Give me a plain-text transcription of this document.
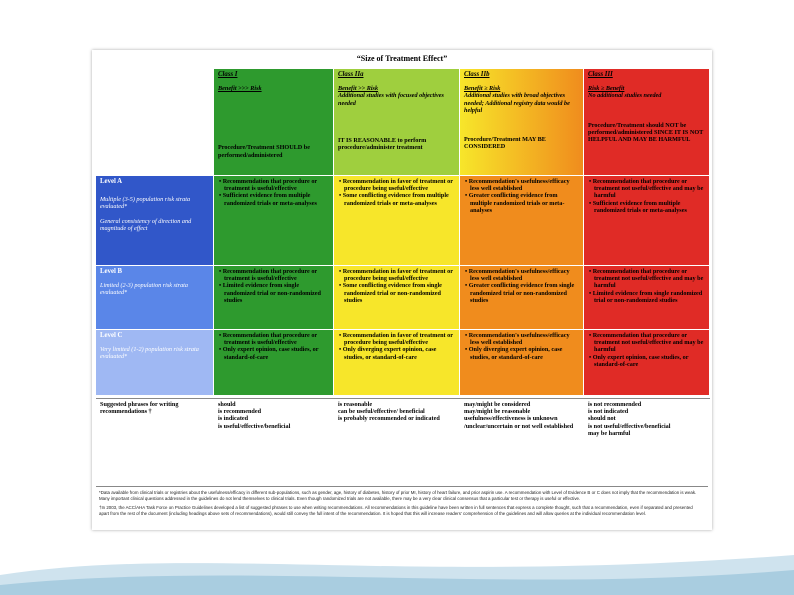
“Size of Treatment Effect”
Class I
Benefit >>> Risk
Procedure/Treatment SHOULD be performed/administered
Class IIa
Benefit >> Risk
Additional studies with focused objectives needed
IT IS REASONABLE to perform procedure/administer treatment
Class IIb
Benefit ≥ Risk
Additional studies with broad objectives needed; Additional registry data would be helpful
Procedure/Treatment MAY BE CONSIDERED
Class III
Risk ≥ Benefit
No additional studies needed
Procedure/Treatment should NOT be performed/administered SINCE IT IS NOT HELPFUL AND MAY BE HARMFUL
Level A
Multiple (3-5) population risk strata evaluated*
General consistency of direction and magnitude of effect
• Recommendation that procedure or treatment is useful/effective
• Sufficient evidence from multiple randomized trials or meta-analyses
• Recommendation in favor of treatment or procedure being useful/effective
• Some conflicting evidence from multiple randomized trials or meta-analyses
• Recommendation's usefulness/efficacy less well established
• Greater conflicting evidence from multiple randomized trials or meta-analyses
• Recommendation that procedure or treatment not useful/effective and may be harmful
• Sufficient evidence from multiple randomized trials or meta-analyses
Level B
Limited (2-3) population risk strata evaluated*
• Recommendation that procedure or treatment is useful/effective
• Limited evidence from single randomized trial or non-randomized studies
• Recommendation in favor of treatment or procedure being useful/effective
• Some conflicting evidence from single randomized trial or non-randomized studies
• Recommendation's usefulness/efficacy less well established
• Greater conflicting evidence from single randomized trial or non-randomized studies
• Recommendation that procedure or treatment not useful/effective and may be harmful
• Limited evidence from single randomized trial or non-randomized studies
Level C
Very limited (1-2) population risk strata evaluated*
• Recommendation that procedure or treatment is useful/effective
• Only expert opinion, case studies, or standard-of-care
• Recommendation in favor of treatment or procedure being useful/effective
• Only diverging expert opinion, case studies, or standard-of-care
• Recommendation's usefulness/efficacy less well established
• Only diverging expert opinion, case studies, or standard-of-care
• Recommendation that procedure or treatment not useful/effective and may be harmful
• Only expert opinion, case studies, or standard-of-care
Suggested phrases for writing recommendations †
should
is recommended
is indicated
is useful/effective/beneficial
is reasonable
can be useful/effective/ beneficial
is probably recommended or indicated
may/might be considered
may/might be reasonable
usefulness/effectiveness is unknown /unclear/uncertain or not well established
is not recommended
is not indicated
should not
is not useful/effective/beneficial
may be harmful

*Data available from clinical trials or registries about the usefulness/efficacy in different sub-populations, such as gender, age, history of diabetes, history of prior MI, history of heart failure, and prior aspirin use. A recommendation with Level of Evidence B or C does not imply that the recommendation is weak. Many important clinical questions addressed in the guidelines do not lend themselves to clinical trials. Even though randomized trials are not available, there may be a very clear clinical consensus that a particular test or therapy is useful or effective.

†In 2003, the ACC/AHA Task Force on Practice Guidelines developed a list of suggested phrases to use when writing recommendations. All recommendations in this guideline have been written in full sentences that express a complete thought, such that a recommendation, even if separated and presented apart from the rest of the document (including headings above sets of recommendations), would still convey the full intent of the recommendation. It is hoped that this will increase readers' comprehension of the guidelines and will allow queries at the individual recommendation level.
